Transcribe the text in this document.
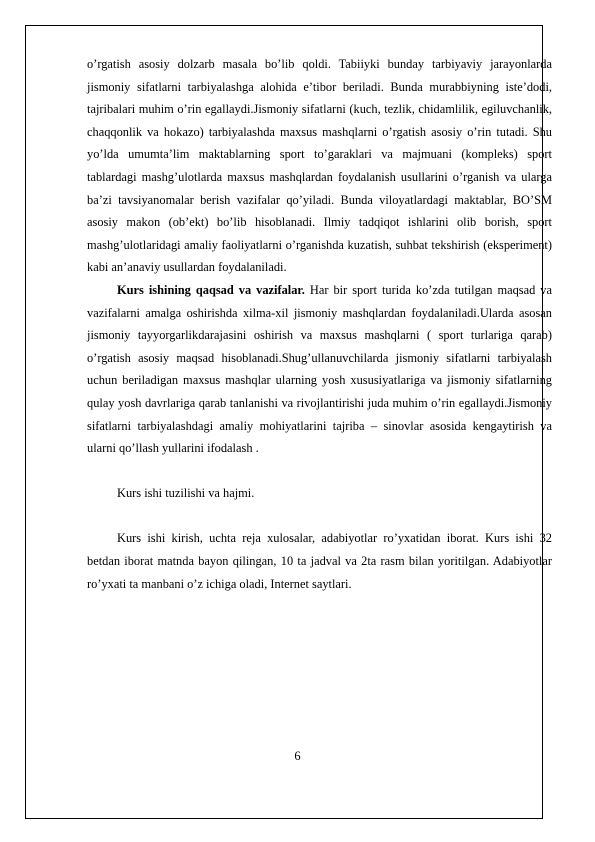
o’rgatish asosiy dolzarb masala bo’lib qoldi. Tabiiyki bunday tarbiyaviy jarayonlarda jismoniy sifatlarni tarbiyalashga alohida e’tibor beriladi. Bunda murabbiyning iste’dodi, tajribalari muhim o’rin egallaydi.Jismoniy sifatlarni (kuch, tezlik, chidamlilik, egiluvchanlik, chaqqonlik va hokazo) tarbiyalashda maxsus mashqlarni o’rgatish asosiy o’rin tutadi. Shu yo’lda umumta’lim maktablarning sport to’garaklari va majmuani (kompleks) sport tablardagi mashg’ulotlarda maxsus mashqlardan foydalanish usullarini o’rganish va ularga ba’zi tavsiyanomalar berish vazifalar qo’yiladi. Bunda viloyatlardagi maktablar, BO’SM asosiy makon (ob’ekt) bo’lib hisoblanadi. Ilmiy tadqiqot ishlarini olib borish, sport mashg’ulotlaridagi amaliy faoliyatlarni o’rganishda kuzatish, suhbat tekshirish (eksperiment) kabi an’anaviy usullardan foydalaniladi.

Kurs ishining qaqsad va vazifalar. Har bir sport turida ko’zda tutilgan maqsad va vazifalarni amalga oshirishda xilma-xil jismoniy mashqlardan foydalaniladi.Ularda asosan jismoniy tayyorgarlikdarajasini oshirish va maxsus mashqlarni ( sport turlariga qarab) o’rgatish asosiy maqsad hisoblanadi.Shug’ullanuvchilarda jismoniy sifatlarni tarbiyalash uchun beriladigan maxsus mashqlar ularning yosh xususiyatlariga va jismoniy sifatlarning qulay yosh davrlariga qarab tanlanishi va rivojlantirishi juda muhim o’rin egallaydi.Jismoniy sifatlarni tarbiyalashdagi amaliy mohiyatlarini tajriba – sinovlar asosida kengaytirish va ularni qo’llash yullarini ifodalash .

Kurs ishi tuzilishi va hajmi.

Kurs ishi kirish, uchta reja xulosalar, adabiyotlar ro’yxatidan iborat. Kurs ishi 32 betdan iborat matnda bayon qilingan, 10 ta jadval va 2ta rasm bilan yoritilgan. Adabiyotlar ro’yxati ta manbani o’z ichiga oladi, Internet saytlari.

6
